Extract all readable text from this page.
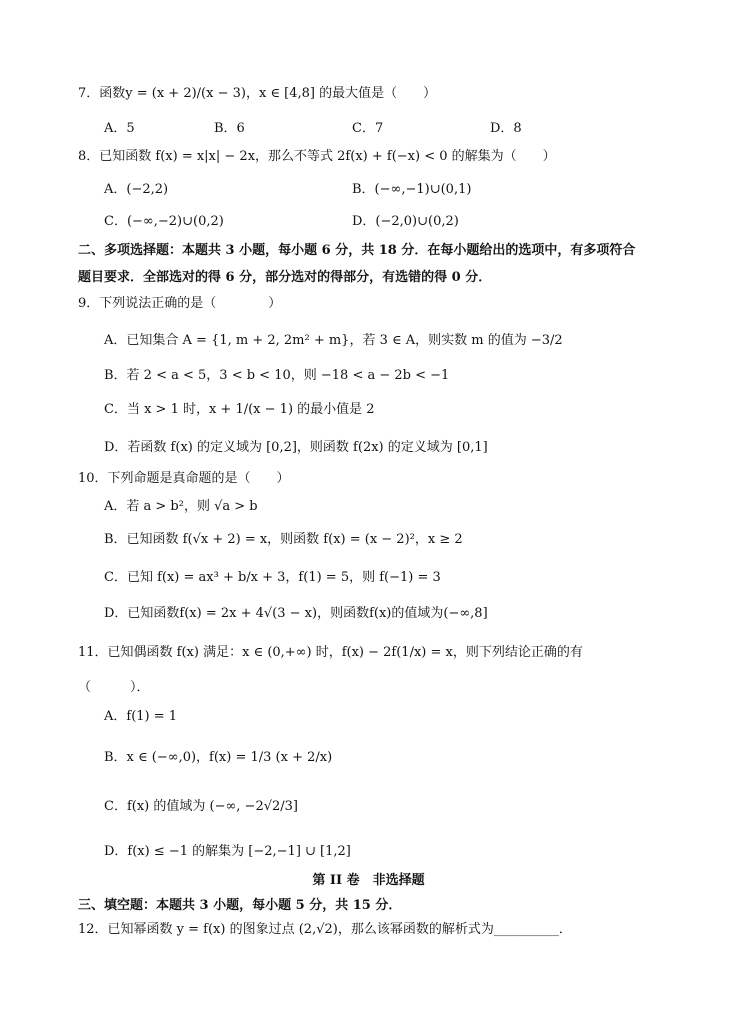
7．函数y = (x + 2)/(x − 3)，x ∈ [4,8] 的最大值是（　　）
A．5	B．6	C．7	D．8
8．已知函数 f(x) = x|x| − 2x，那么不等式 2f(x) + f(−x) < 0 的解集为（　　）
A．(−2,2)	B．(−∞,−1)∪(0,1)
C．(−∞,−2)∪(0,2)	D．(−2,0)∪(0,2)
二、多项选择题：本题共 3 小题，每小题 6 分，共 18 分．在每小题给出的选项中，有多项符合
题目要求．全部选对的得 6 分，部分选对的得部分，有选错的得 0 分．
9．下列说法正确的是（　　　　）
A．已知集合 A = {1, m + 2, 2m² + m}，若 3 ∈ A，则实数 m 的值为 −3/2
B．若 2 < a < 5，3 < b < 10，则 −18 < a − 2b < −1
C．当 x > 1 时，x + 1/(x − 1) 的最小值是 2
D．若函数 f(x) 的定义域为 [0,2]，则函数 f(2x) 的定义域为 [0,1]
10．下列命题是真命题的是（　　）
A．若 a > b²，则 √a > b
B．已知函数 f(√x + 2) = x，则函数 f(x) = (x − 2)²，x ≥ 2
C．已知 f(x) = ax³ + b/x + 3，f(1) = 5，则 f(−1) = 3
D．已知函数f(x) = 2x + 4√(3 − x)，则函数f(x)的值域为(−∞,8]
11．已知偶函数 f(x) 满足：x ∈ (0,+∞) 时，f(x) − 2f(1/x) = x，则下列结论正确的有
（　　　）．
A．f(1) = 1
B．x ∈ (−∞,0)，f(x) = 1/3 (x + 2/x)
C．f(x) 的值域为 (−∞, −2√2/3]
D．f(x) ≤ −1 的解集为 [−2,−1] ∪ [1,2]
第 II 卷　非选择题
三、填空题：本题共 3 小题，每小题 5 分，共 15 分．
12．已知幂函数 y = f(x) 的图象过点 (2,√2)，那么该幂函数的解析式为__________．
